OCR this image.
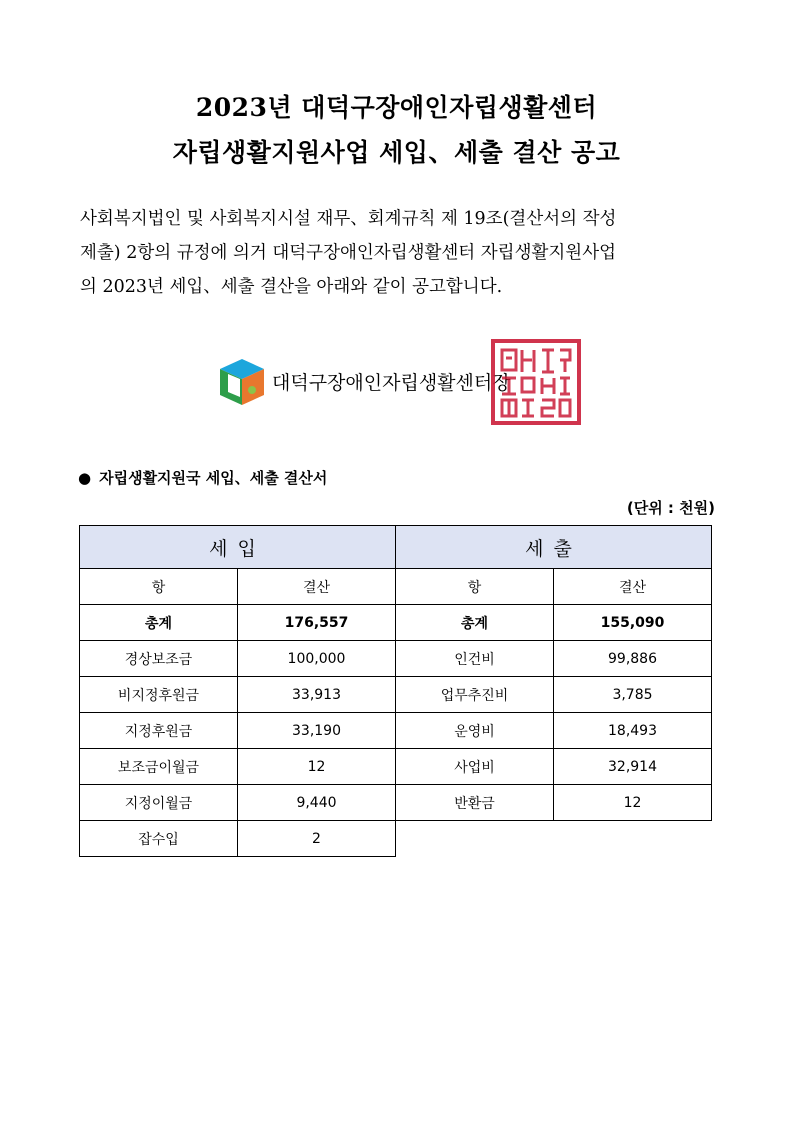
2023년 대덕구장애인자립생활센터
자립생활지원사업 세입、세출 결산 공고
사회복지법인 및 사회복지시설 재무、회계규칙 제 19조(결산서의 작성
제출) 2항의 규정에 의거 대덕구장애인자립생활센터 자립생활지원사업
의 2023년 세입、세출 결산을 아래와 같이 공고합니다.
대덕구장애인자립생활센터장
● 자립생활지원국 세입、세출 결산서
(단위 : 천원)
세입		세출	
항	결산	항	결산
총계	176,557	총계	155,090
경상보조금	100,000	인건비	99,886
비지정후원금	33,913	업무추진비	3,785
지정후원금	33,190	운영비	18,493
보조금이월금	12	사업비	32,914
지정이월금	9,440	반환금	12
잡수입	2		
